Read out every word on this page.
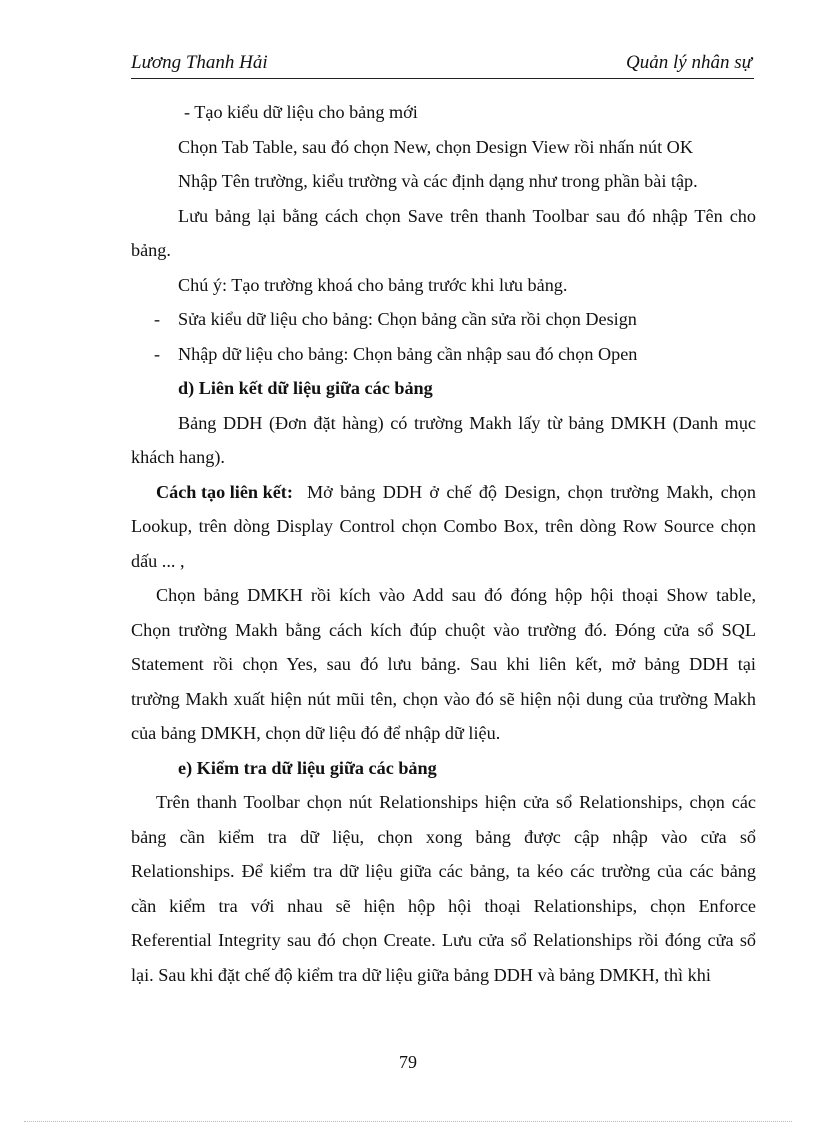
Lương Thanh Hải	Quản lý nhân sự
- Tạo kiểu dữ liệu cho bảng mới
Chọn Tab Table, sau đó chọn New, chọn Design View rồi nhấn nút OK
Nhập Tên trường, kiểu trường và các định dạng như trong phần bài tập.
Lưu bảng lại bằng cách chọn Save trên thanh Toolbar sau đó nhập Tên cho
bảng.
Chú ý: Tạo trường khoá cho bảng trước khi lưu bảng.
- Sửa kiểu dữ liệu cho bảng: Chọn bảng cần sửa rồi chọn Design
- Nhập dữ liệu cho bảng: Chọn bảng cần nhập sau đó chọn Open
d) Liên kết dữ liệu giữa các bảng
Bảng DDH (Đơn đặt hàng) có trường Makh lấy từ bảng DMKH (Danh mục
khách hang).
Cách tạo liên kết: Mở bảng DDH ở chế độ Design, chọn trường Makh, chọn
Lookup, trên dòng Display Control chọn Combo Box, trên dòng Row Source chọn
dấu ... ,
Chọn bảng DMKH rồi kích vào Add sau đó đóng hộp hội thoại Show table,
Chọn trường Makh bằng cách kích đúp chuột vào trường đó. Đóng cửa sổ SQL
Statement rồi chọn Yes, sau đó lưu bảng. Sau khi liên kết, mở bảng DDH tại
trường Makh xuất hiện nút mũi tên, chọn vào đó sẽ hiện nội dung của trường Makh
của bảng DMKH, chọn dữ liệu đó để nhập dữ liệu.
e) Kiểm tra dữ liệu giữa các bảng
Trên thanh Toolbar chọn nút Relationships hiện cửa sổ Relationships, chọn các
bảng cần kiểm tra dữ liệu, chọn xong bảng được cập nhập vào cửa sổ
Relationships. Để kiểm tra dữ liệu giữa các bảng, ta kéo các trường của các bảng
cần kiểm tra với nhau sẽ hiện hộp hội thoại Relationships, chọn Enforce
Referential Integrity sau đó chọn Create. Lưu cửa sổ Relationships rồi đóng cửa sổ
lại. Sau khi đặt chế độ kiểm tra dữ liệu giữa bảng DDH và bảng DMKH, thì khi
79
